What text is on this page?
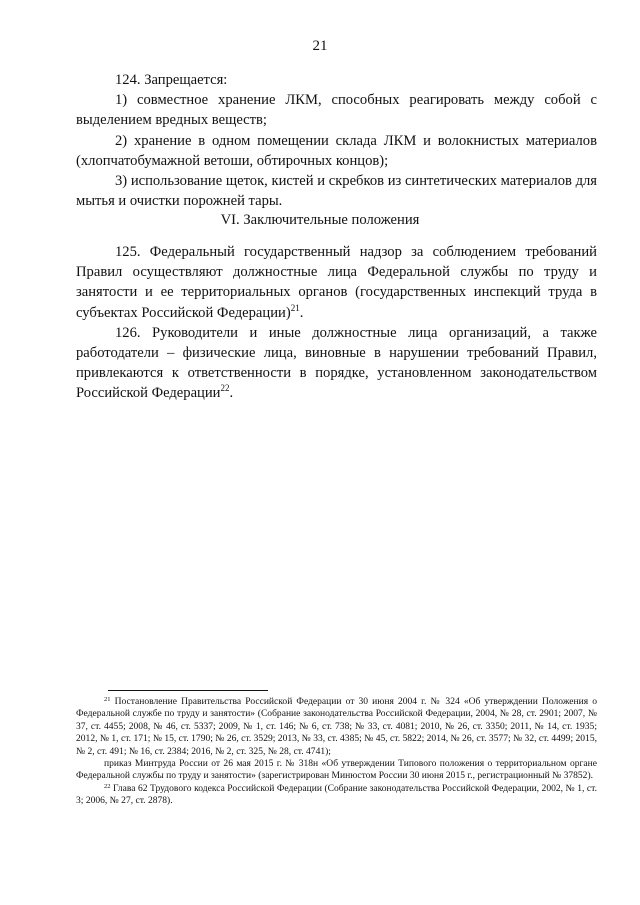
21

124. Запрещается:

1) совместное хранение ЛКМ, способных реагировать между собой с выделением вредных веществ;

2) хранение в одном помещении склада ЛКМ и волокнистых материалов (хлопчатобумажной ветоши, обтирочных концов);

3) использование щеток, кистей и скребков из синтетических материалов для мытья и очистки порожней тары.

VI. Заключительные положения

125. Федеральный государственный надзор за соблюдением требований Правил осуществляют должностные лица Федеральной службы по труду и занятости и ее территориальных органов (государственных инспекций труда в субъектах Российской Федерации)$^{21}$.

126. Руководители и иные должностные лица организаций, а также работодатели – физические лица, виновные в нарушении требований Правил, привлекаются к ответственности в порядке, установленном законодательством Российской Федерации$^{22}$.

$^{21}$ Постановление Правительства Российской Федерации от 30 июня 2004 г. № 324 «Об утверждении Положения о Федеральной службе по труду и занятости» (Собрание законодательства Российской Федерации, 2004, № 28, ст. 2901; 2007, № 37, ст. 4455; 2008, № 46, ст. 5337; 2009, № 1, ст. 146; № 6, ст. 738; № 33, ст. 4081; 2010, № 26, ст. 3350; 2011, № 14, ст. 1935; 2012, № 1, ст. 171; № 15, ст. 1790; № 26, ст. 3529; 2013, № 33, ст. 4385; № 45, ст. 5822; 2014, № 26, ст. 3577; № 32, ст. 4499; 2015, № 2, ст. 491; № 16, ст. 2384; 2016, № 2, ст. 325, № 28, ст. 4741);

приказ Минтруда России от 26 мая 2015 г. № 318н «Об утверждении Типового положения о территориальном органе Федеральной службы по труду и занятости» (зарегистрирован Минюстом России 30 июня 2015 г., регистрационный № 37852).

$^{22}$ Глава 62 Трудового кодекса Российской Федерации (Собрание законодательства Российской Федерации, 2002, № 1, ст. 3; 2006, № 27, ст. 2878).
